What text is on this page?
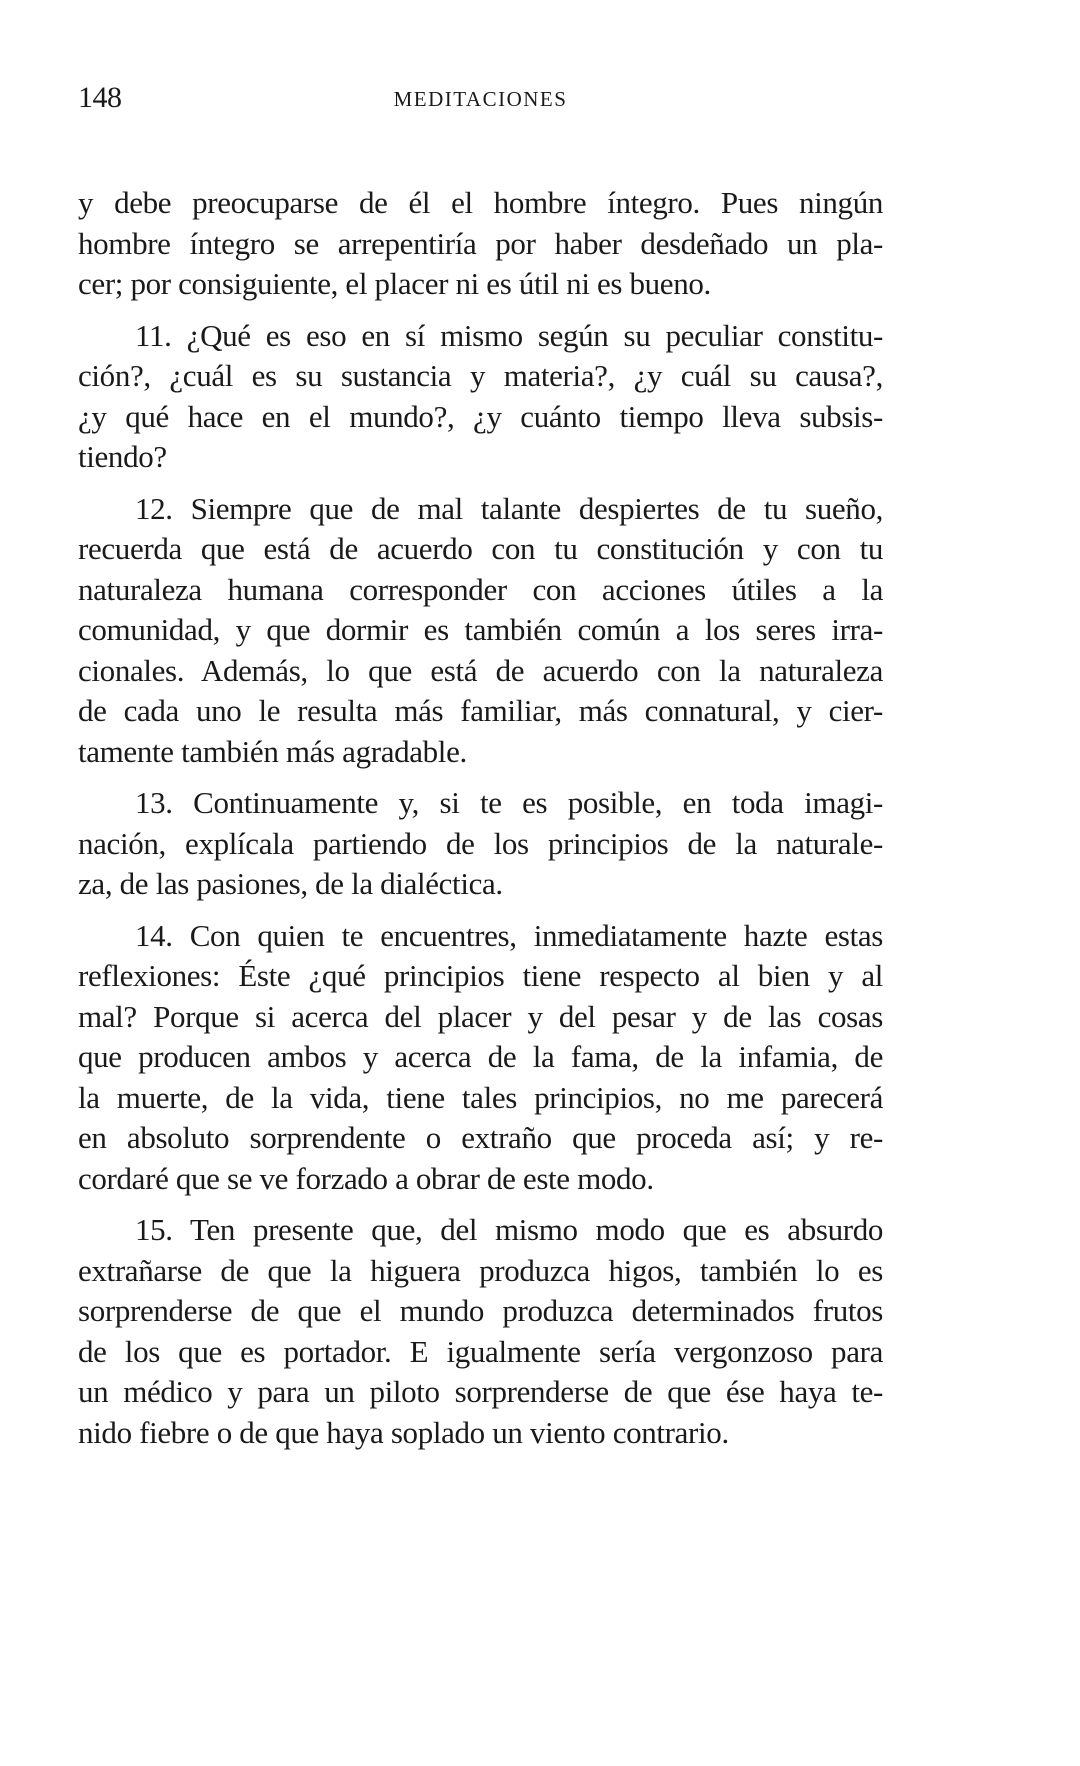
148	MEDITACIONES
y debe preocuparse de él el hombre íntegro. Pues ningún
hombre íntegro se arrepentiría por haber desdeñado un pla-
cer; por consiguiente, el placer ni es útil ni es bueno.
11. ¿Qué es eso en sí mismo según su peculiar constitu-
ción?, ¿cuál es su sustancia y materia?, ¿y cuál su causa?,
¿y qué hace en el mundo?, ¿y cuánto tiempo lleva subsis-
tiendo?
12. Siempre que de mal talante despiertes de tu sueño,
recuerda que está de acuerdo con tu constitución y con tu
naturaleza humana corresponder con acciones útiles a la
comunidad, y que dormir es también común a los seres irra-
cionales. Además, lo que está de acuerdo con la naturaleza
de cada uno le resulta más familiar, más connatural, y cier-
tamente también más agradable.
13. Continuamente y, si te es posible, en toda imagi-
nación, explícala partiendo de los principios de la naturale-
za, de las pasiones, de la dialéctica.
14. Con quien te encuentres, inmediatamente hazte estas
reflexiones: Éste ¿qué principios tiene respecto al bien y al
mal? Porque si acerca del placer y del pesar y de las cosas
que producen ambos y acerca de la fama, de la infamia, de
la muerte, de la vida, tiene tales principios, no me parecerá
en absoluto sorprendente o extraño que proceda así; y re-
cordaré que se ve forzado a obrar de este modo.
15. Ten presente que, del mismo modo que es absurdo
extrañarse de que la higuera produzca higos, también lo es
sorprenderse de que el mundo produzca determinados frutos
de los que es portador. E igualmente sería vergonzoso para
un médico y para un piloto sorprenderse de que ése haya te-
nido fiebre o de que haya soplado un viento contrario.
